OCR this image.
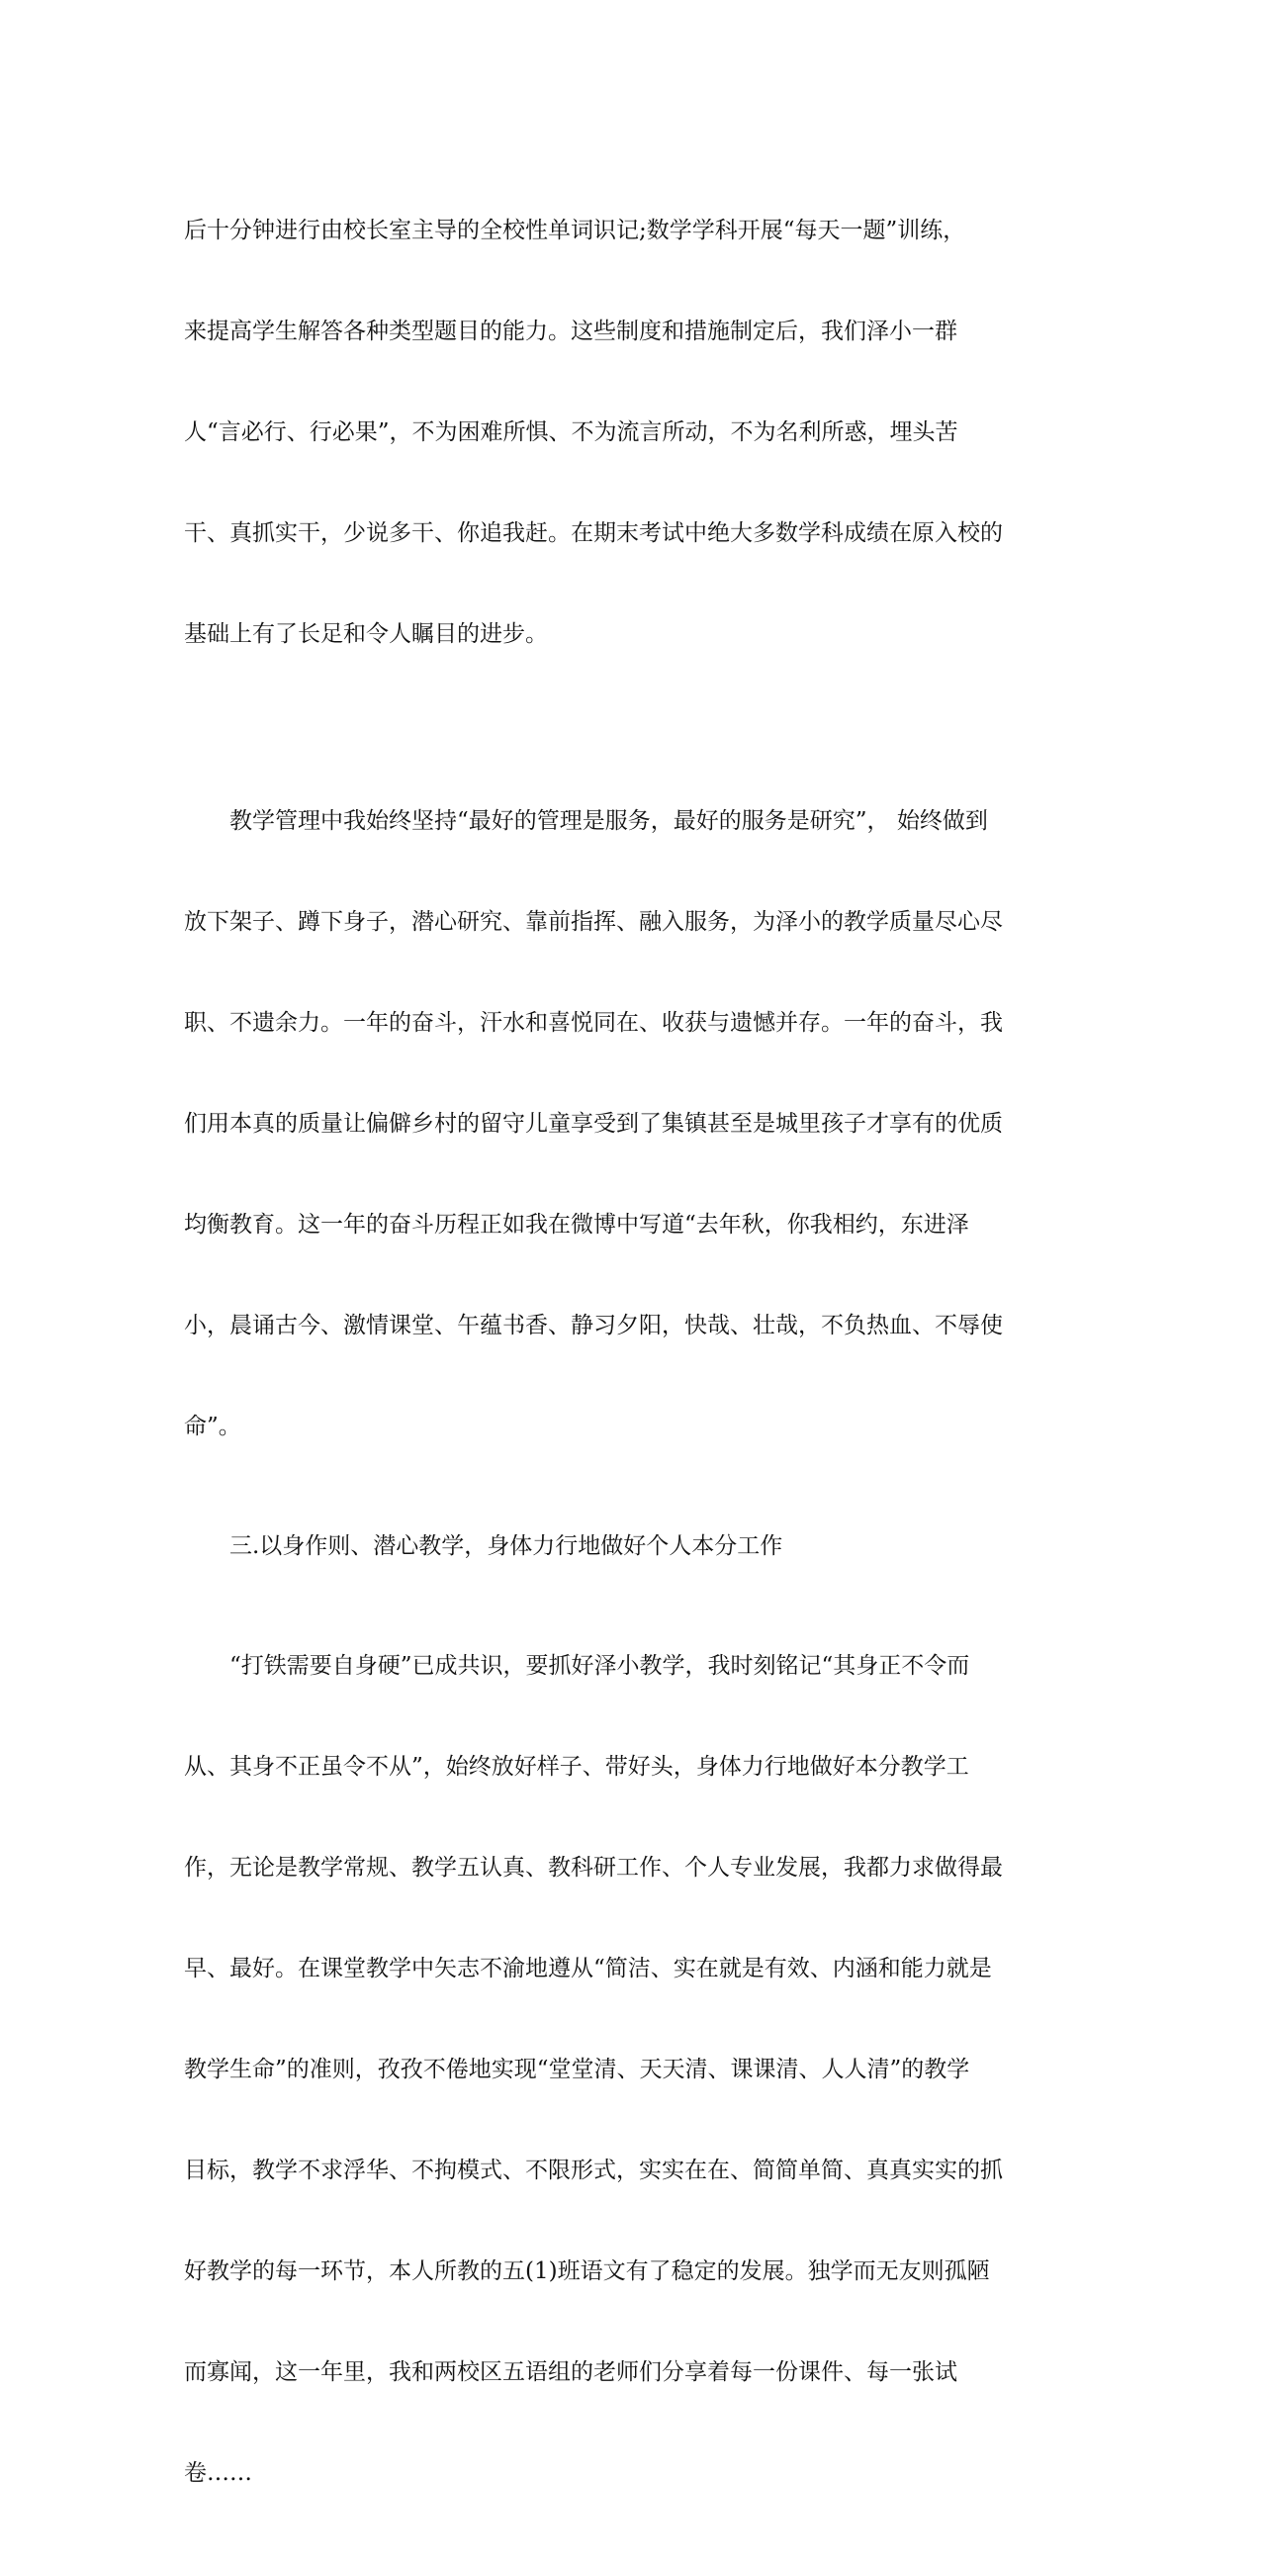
后十分钟进行由校长室主导的全校性单词识记;数学学科开展“每天一题”训练，

来提高学生解答各种类型题目的能力。这些制度和措施制定后，我们泽小一群

人“言必行、行必果”，不为困难所惧、不为流言所动，不为名利所惑，埋头苦

干、真抓实干，少说多干、你追我赶。在期末考试中绝大多数学科成绩在原入校的

基础上有了长足和令人瞩目的进步。

教学管理中我始终坚持“最好的管理是服务，最好的服务是研究”， 始终做到

放下架子、蹲下身子，潜心研究、靠前指挥、融入服务，为泽小的教学质量尽心尽

职、不遗余力。一年的奋斗，汗水和喜悦同在、收获与遗憾并存。一年的奋斗，我

们用本真的质量让偏僻乡村的留守儿童享受到了集镇甚至是城里孩子才享有的优质

均衡教育。这一年的奋斗历程正如我在微博中写道“去年秋，你我相约，东进泽

小，晨诵古今、激情课堂、午蕴书香、静习夕阳，快哉、壮哉，不负热血、不辱使

命”。

三.以身作则、潜心教学，身体力行地做好个人本分工作

“打铁需要自身硬”已成共识，要抓好泽小教学，我时刻铭记“其身正不令而

从、其身不正虽令不从”，始终放好样子、带好头，身体力行地做好本分教学工

作，无论是教学常规、教学五认真、教科研工作、个人专业发展，我都力求做得最

早、最好。在课堂教学中矢志不渝地遵从“简洁、实在就是有效、内涵和能力就是

教学生命”的准则，孜孜不倦地实现“堂堂清、天天清、课课清、人人清”的教学

目标，教学不求浮华、不拘模式、不限形式，实实在在、简简单简、真真实实的抓

好教学的每一环节，本人所教的五(1)班语文有了稳定的发展。独学而无友则孤陋

而寡闻，这一年里，我和两校区五语组的老师们分享着每一份课件、每一张试

卷……
